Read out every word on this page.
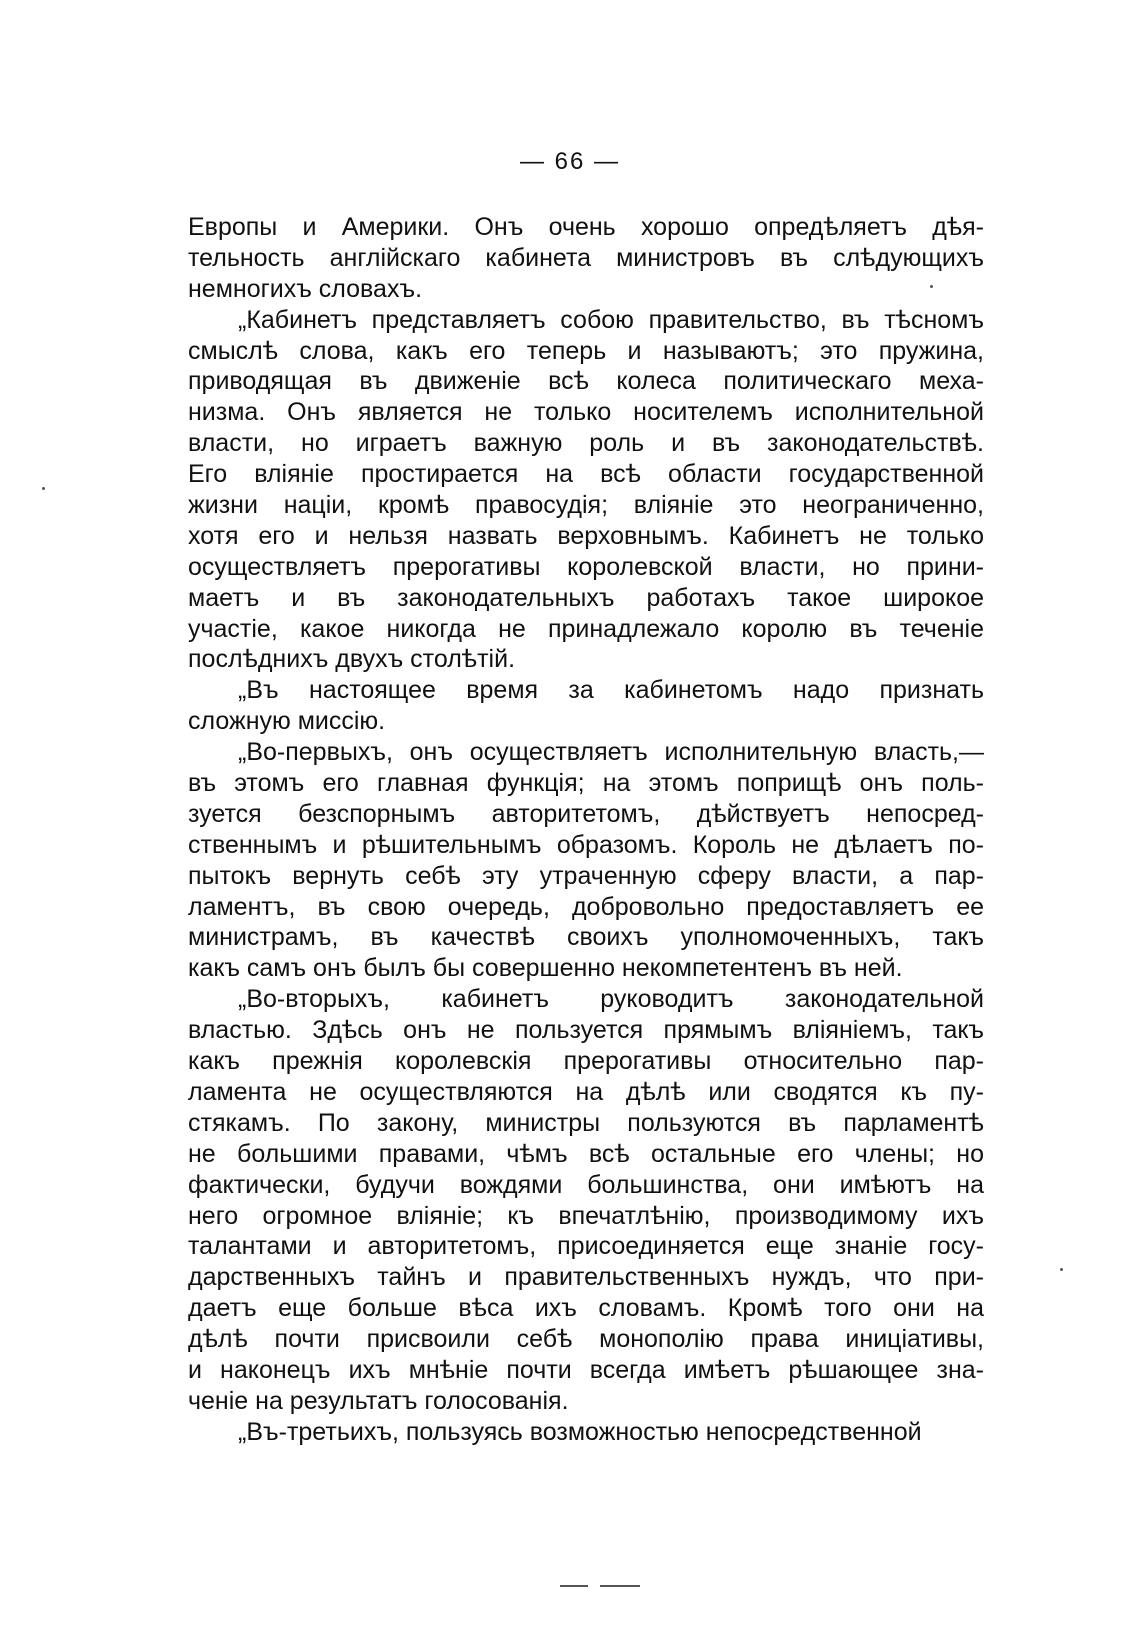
— 66 —
Европы и Америки. Онъ очень хорошо опредѣляетъ дѣя-
тельность англійскаго кабинета министровъ въ слѣдующихъ
немногихъ словахъ.
„Кабинетъ представляетъ собою правительство, въ тѣсномъ
смыслѣ слова, какъ его теперь и называютъ; это пружина,
приводящая въ движеніе всѣ колеса политическаго меха-
низма. Онъ является не только носителемъ исполнительной
власти, но играетъ важную роль и въ законодательствѣ.
Его вліяніе простирается на всѣ области государственной
жизни націи, кромѣ правосудія; вліяніе это неограниченно,
хотя его и нельзя назвать верховнымъ. Кабинетъ не только
осуществляетъ прерогативы королевской власти, но прини-
маетъ и въ законодательныхъ работахъ такое широкое
участіе, какое никогда не принадлежало королю въ теченіе
послѣднихъ двухъ столѣтій.
„Въ настоящее время за кабинетомъ надо признать
сложную миссію.
„Во-первыхъ, онъ осуществляетъ исполнительную власть,—
въ этомъ его главная функція; на этомъ поприщѣ онъ поль-
зуется безспорнымъ авторитетомъ, дѣйствуетъ непосред-
ственнымъ и рѣшительнымъ образомъ. Король не дѣлаетъ по-
пытокъ вернуть себѣ эту утраченную сферу власти, а пар-
ламентъ, въ свою очередь, добровольно предоставляетъ ее
министрамъ, въ качествѣ своихъ уполномоченныхъ, такъ
какъ самъ онъ былъ бы совершенно некомпетентенъ въ ней.
„Во-вторыхъ, кабинетъ руководитъ законодательной
властью. Здѣсь онъ не пользуется прямымъ вліяніемъ, такъ
какъ прежнія королевскія прерогативы относительно пар-
ламента не осуществляются на дѣлѣ или сводятся къ пу-
стякамъ. По закону, министры пользуются въ парламентѣ
не большими правами, чѣмъ всѣ остальные его члены; но
фактически, будучи вождями большинства, они имѣютъ на
него огромное вліяніе; къ впечатлѣнію, производимому ихъ
талантами и авторитетомъ, присоединяется еще знаніе госу-
дарственныхъ тайнъ и правительственныхъ нуждъ, что при-
даетъ еще больше вѣса ихъ словамъ. Кромѣ того они на
дѣлѣ почти присвоили себѣ монополію права иниціативы,
и наконецъ ихъ мнѣніе почти всегда имѣетъ рѣшающее зна-
ченіе на результатъ голосованія.
„Въ-третьихъ, пользуясь возможностью непосредственной
